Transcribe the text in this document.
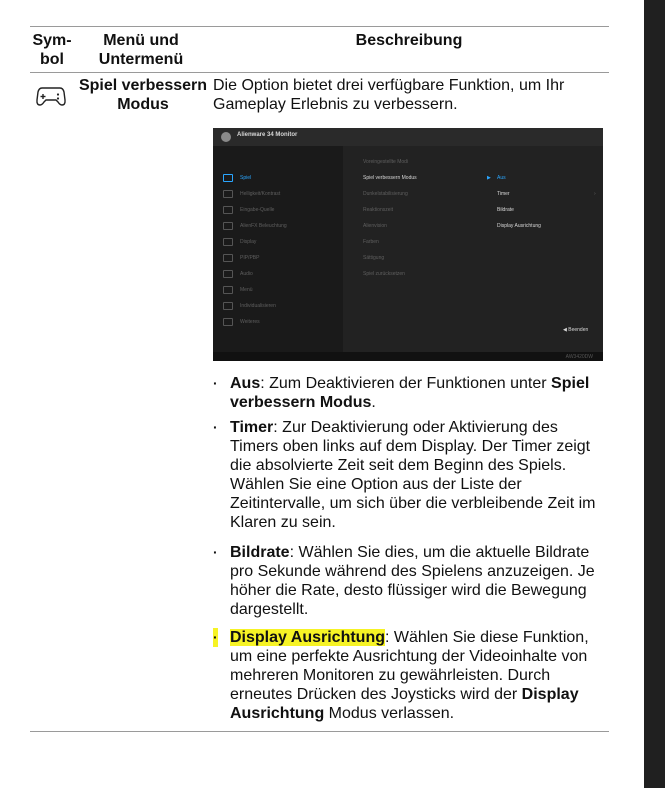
Sym-
bol
Menü und
Untermenü
Beschreibung
Spiel verbessern
Modus
Die Option bietet drei verfügbare Funktion, um Ihr Gameplay Erlebnis zu verbessern.
Alienware 34 Monitor
Spiel
Helligkeit/Kontrast
Eingabe-Quelle
AlienFX Beleuchtung
Display
PIP/PBP
Audio
Menü
Individualisieren
Weiteres
Voreingestellte Modi
Spiel verbessern Modus
Dunkelstabilisierung
Reaktionszeit
Alienvision
Farben
Sättigung
Spiel zurücksetzen
▶ Aus
Timer	›
Bildrate
Display Ausrichtung
◀ Beenden
AW3420DW
· Aus: Zum Deaktivieren der Funktionen unter Spiel verbessern Modus.
· Timer: Zur Deaktivierung oder Aktivierung des Timers oben links auf dem Display. Der Timer zeigt die absolvierte Zeit seit dem Beginn des Spiels. Wählen Sie eine Option aus der Liste der Zeitintervalle, um sich über die verbleibende Zeit im Klaren zu sein.
· Bildrate: Wählen Sie dies, um die aktuelle Bildrate pro Sekunde während des Spielens anzuzeigen. Je höher die Rate, desto flüssiger wird die Bewegung dargestellt.
· Display Ausrichtung: Wählen Sie diese Funktion, um eine perfekte Ausrichtung der Videoinhalte von mehreren Monitoren zu gewährleisten. Durch erneutes Drücken des Joysticks wird der Display Ausrichtung Modus verlassen.
